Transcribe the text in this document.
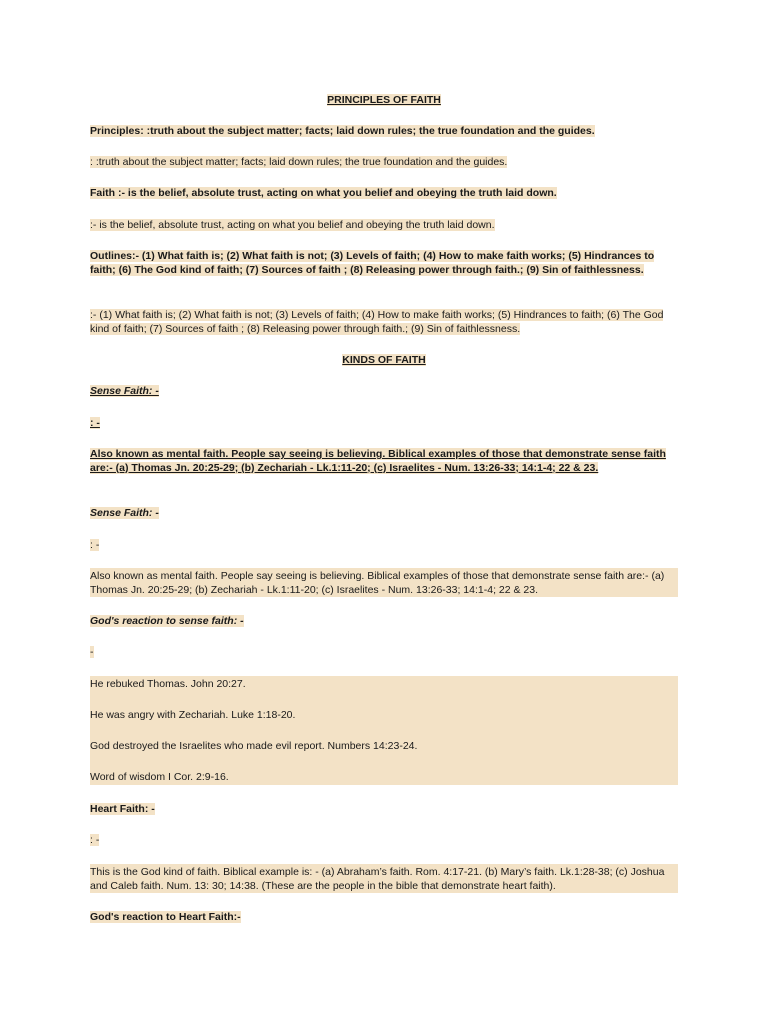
PRINCIPLES OF FAITH
Principles: :truth about the subject matter; facts; laid down rules; the true foundation and the guides.
: :truth about the subject matter; facts; laid down rules; the true foundation and the guides.
Faith :- is the belief, absolute trust, acting on what you belief and obeying the truth laid down.
:- is the belief, absolute trust, acting on what you belief and obeying the truth laid down.
Outlines:- (1) What faith is; (2) What faith is not; (3) Levels of faith; (4) How to make faith works; (5) Hindrances to faith; (6) The God kind of faith; (7) Sources of faith ; (8) Releasing power through faith.; (9) Sin of faithlessness.
:- (1) What faith is; (2) What faith is not; (3) Levels of faith; (4) How to make faith works; (5) Hindrances to faith; (6) The God kind of faith; (7) Sources of faith ; (8) Releasing power through faith.; (9) Sin of faithlessness.
KINDS OF FAITH
Sense Faith: -
: -
Also known as mental faith. People say seeing is believing. Biblical examples of those that demonstrate sense faith are:- (a) Thomas Jn. 20:25-29; (b) Zechariah - Lk.1:11-20; (c) Israelites - Num. 13:26-33; 14:1-4; 22 & 23.
Sense Faith: -
: -
Also known as mental faith. People say seeing is believing. Biblical examples of those that demonstrate sense faith are:- (a) Thomas Jn. 20:25-29; (b) Zechariah - Lk.1:11-20; (c) Israelites - Num. 13:26-33; 14:1-4; 22 & 23.
God's reaction to sense faith: -
-
He rebuked Thomas. John 20:27.
He was angry with Zechariah. Luke 1:18-20.
God destroyed the Israelites who made evil report. Numbers 14:23-24.
Word of wisdom I Cor. 2:9-16.
Heart Faith: -
: -
This is the God kind of faith. Biblical example is: - (a) Abraham’s faith. Rom. 4:17-21. (b) Mary’s faith. Lk.1:28-38; (c) Joshua and Caleb faith. Num. 13: 30; 14:38. (These are the people in the bible that demonstrate heart faith).
God's reaction to Heart Faith:-
